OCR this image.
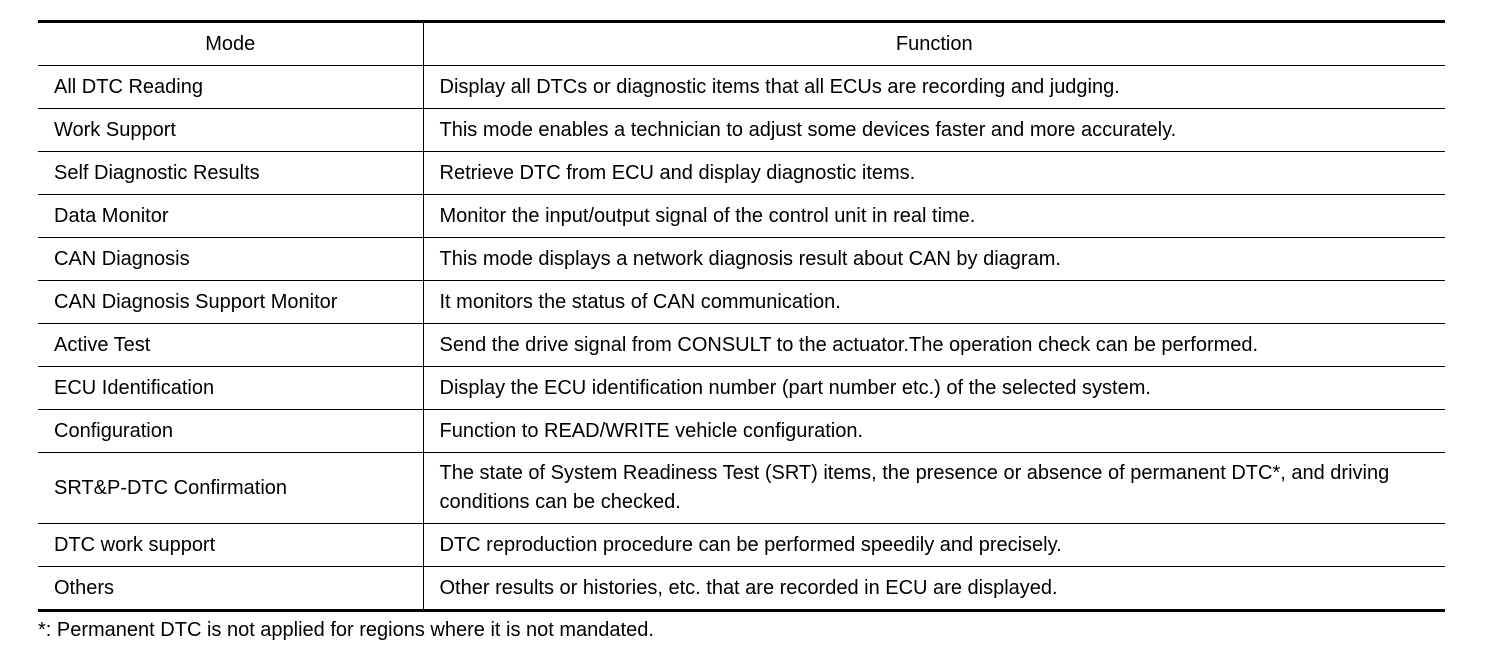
Mode	Function
All DTC Reading	Display all DTCs or diagnostic items that all ECUs are recording and judging.
Work Support	This mode enables a technician to adjust some devices faster and more accurately.
Self Diagnostic Results	Retrieve DTC from ECU and display diagnostic items.
Data Monitor	Monitor the input/output signal of the control unit in real time.
CAN Diagnosis	This mode displays a network diagnosis result about CAN by diagram.
CAN Diagnosis Support Monitor	It monitors the status of CAN communication.
Active Test	Send the drive signal from CONSULT to the actuator.The operation check can be performed.
ECU Identification	Display the ECU identification number (part number etc.) of the selected system.
Configuration	Function to READ/WRITE vehicle configuration.
SRT&P-DTC Confirmation	The state of System Readiness Test (SRT) items, the presence or absence of permanent DTC*, and driving conditions can be checked.
DTC work support	DTC reproduction procedure can be performed speedily and precisely.
Others	Other results or histories, etc. that are recorded in ECU are displayed.
*: Permanent DTC is not applied for regions where it is not mandated.
